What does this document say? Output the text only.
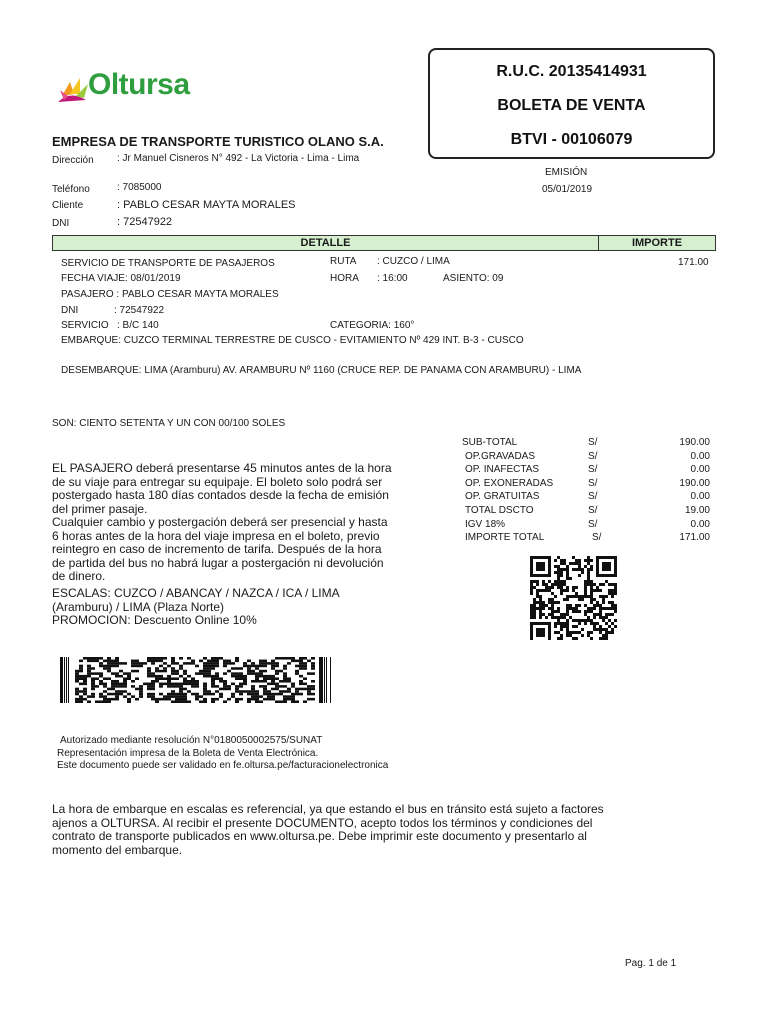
Oltursa	R.U.C. 20135414931
BOLETA DE VENTA
BTVI - 00106079
EMPRESA DE TRANSPORTE TURISTICO OLANO S.A.
Dirección : Jr Manuel Cisneros N° 492 - La Victoria - Lima - Lima
Teléfono	: 7085000
Cliente	: PABLO CESAR MAYTA MORALES
DNI	: 72547922
EMISIÓN
05/01/2019
DETALLE	IMPORTE
SERVICIO DE TRANSPORTE DE PASAJEROS	RUTA : CUZCO / LIMA	171.00
FECHA VIAJE: 08/01/2019	HORA : 16:00	ASIENTO: 09
PASAJERO : PABLO CESAR MAYTA MORALES
DNI	: 72547922
SERVICIO : B/C 140	CATEGORIA: 160°
EMBARQUE: CUZCO TERMINAL TERRESTRE DE CUSCO - EVITAMIENTO Nº 429 INT. B-3 - CUSCO
DESEMBARQUE: LIMA (Aramburu) AV. ARAMBURU Nº 1160 (CRUCE REP. DE PANAMA CON ARAMBURU) - LIMA
SON: CIENTO SETENTA Y UN CON 00/100 SOLES
SUB-TOTAL	S/	190.00
OP.GRAVADAS	S/	0.00
OP. INAFECTAS	S/	0.00
OP. EXONERADAS	S/	190.00
OP. GRATUITAS	S/	0.00
TOTAL DSCTO	S/	19.00
IGV 18%	S/	0.00
IMPORTE TOTAL	S/	171.00
EL PASAJERO deberá presentarse 45 minutos antes de la hora
de su viaje para entregar su equipaje. El boleto solo podrá ser
postergado hasta 180 días contados desde la fecha de emisión
del primer pasaje.
Cualquier cambio y postergación deberá ser presencial y hasta
6 horas antes de la hora del viaje impresa en el boleto, previo
reintegro en caso de incremento de tarifa. Después de la hora
de partida del bus no habrá lugar a postergación ni devolución
de dinero.
ESCALAS: CUZCO / ABANCAY / NAZCA / ICA / LIMA
(Aramburu) / LIMA (Plaza Norte)
PROMOCION: Descuento Online 10%
Autorizado mediante resolución N°0180050002575/SUNAT
Representación impresa de la Boleta de Venta Electrónica.
Este documento puede ser validado en fe.oltursa.pe/facturacionelectronica
La hora de embarque en escalas es referencial, ya que estando el bus en tránsito está sujeto a factores
ajenos a OLTURSA. Al recibir el presente DOCUMENTO, acepto todos los términos y condiciones del
contrato de transporte publicados en www.oltursa.pe. Debe imprimir este documento y presentarlo al
momento del embarque.
Pag. 1 de 1
